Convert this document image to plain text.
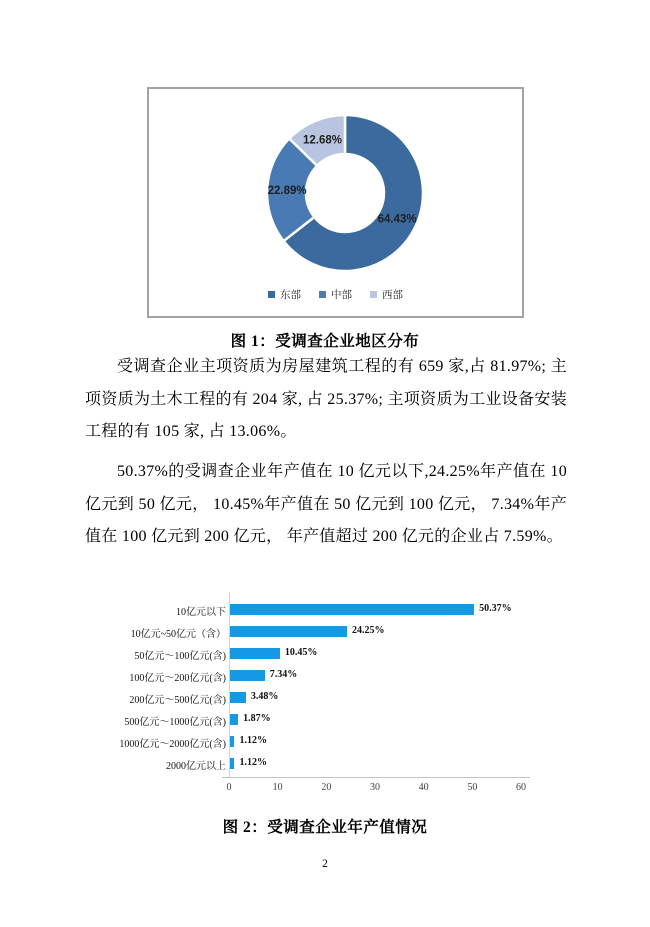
64.43%
22.89%
12.68%
东部	中部	西部
图 1：受调查企业地区分布
受调查企业主项资质为房屋建筑工程的有 659 家,占 81.97%; 主项资质为土木工程的有 204 家, 占 25.37%; 主项资质为工业设备安装工程的有 105 家, 占 13.06%。
50.37%的受调查企业年产值在 10 亿元以下,24.25%年产值在 10 亿元到 50 亿元， 10.45%年产值在 50 亿元到 100 亿元， 7.34%年产值在 100 亿元到 200 亿元， 年产值超过 200 亿元的企业占 7.59%。
10亿元以下	50.37%
10亿元~50亿元（含）	24.25%
50亿元～100亿元(含)	10.45%
100亿元～200亿元(含)	7.34%
200亿元～500亿元(含) 3.48%
500亿元～1000亿元(含) 1.87%
1000亿元～2000亿元(含) 1.12%
2000亿元以上 1.12%
0	10	20	30	40	50	60
图 2：受调查企业年产值情况
2
